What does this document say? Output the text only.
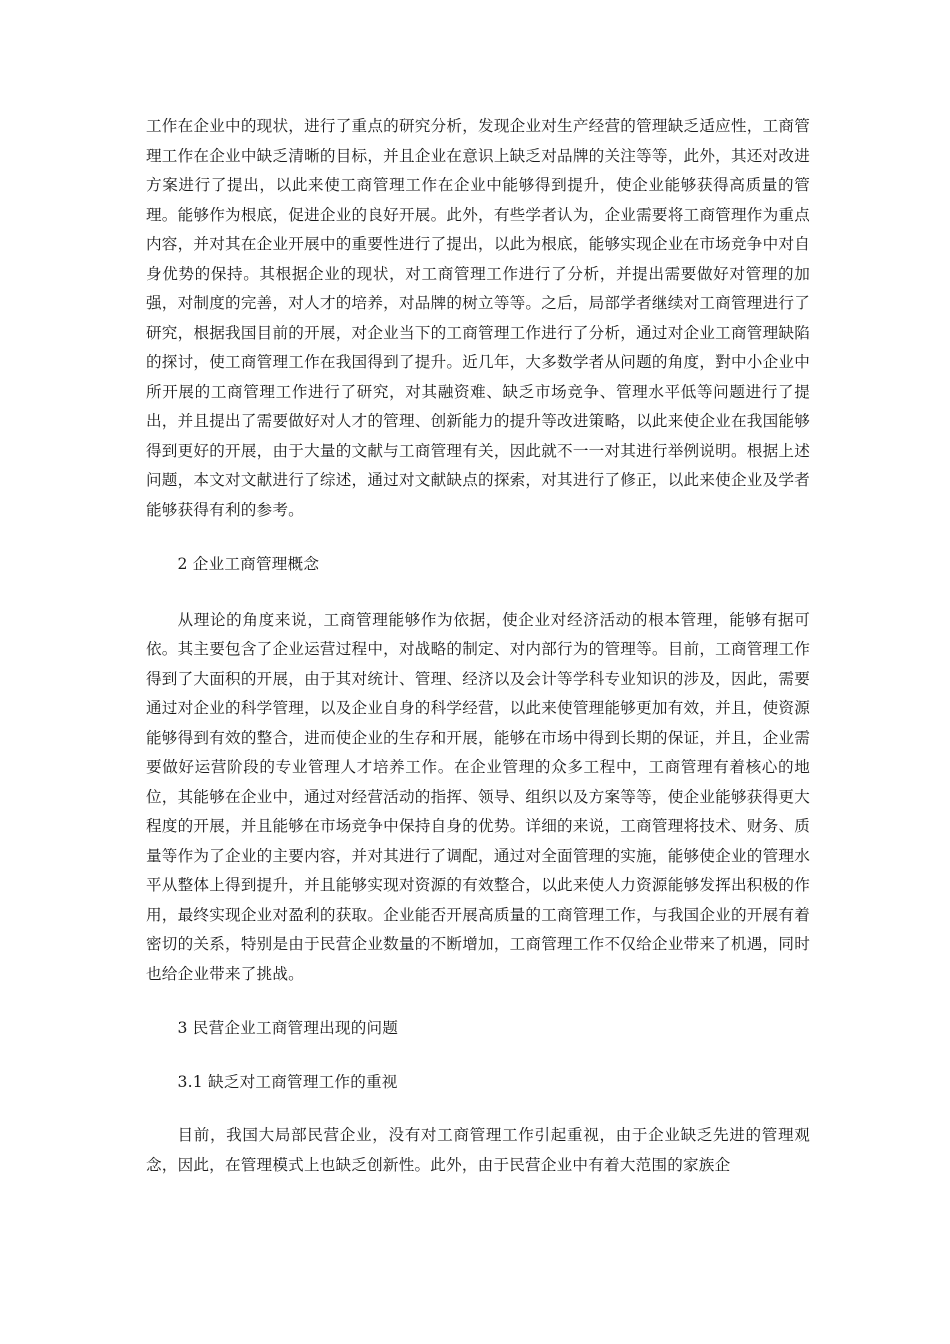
工作在企业中的现状，进行了重点的研究分析，发现企业对生产经营的管理缺乏适应性，工商管理工作在企业中缺乏清晰的目标，并且企业在意识上缺乏对品牌的关注等等，此外，其还对改进方案进行了提出，以此来使工商管理工作在企业中能够得到提升，使企业能够获得高质量的管理。能够作为根底，促进企业的良好开展。此外，有些学者认为，企业需要将工商管理作为重点内容，并对其在企业开展中的重要性进行了提出，以此为根底，能够实现企业在市场竞争中对自身优势的保持。其根据企业的现状，对工商管理工作进行了分析，并提出需要做好对管理的加强，对制度的完善，对人才的培养，对品牌的树立等等。之后，局部学者继续对工商管理进行了研究，根据我国目前的开展，对企业当下的工商管理工作进行了分析，通过对企业工商管理缺陷的探讨，使工商管理工作在我国得到了提升。近几年，大多数学者从问题的角度，對中小企业中所开展的工商管理工作进行了研究，对其融资难、缺乏市场竞争、管理水平低等问题进行了提出，并且提出了需要做好对人才的管理、创新能力的提升等改进策略，以此来使企业在我国能够得到更好的开展，由于大量的文献与工商管理有关，因此就不一一对其进行举例说明。根据上述问题，本文对文献进行了综述，通过对文献缺点的探索，对其进行了修正，以此来使企业及学者能够获得有利的参考。

2 企业工商管理概念

从理论的角度来说，工商管理能够作为依据，使企业对经济活动的根本管理，能够有据可依。其主要包含了企业运营过程中，对战略的制定、对内部行为的管理等。目前，工商管理工作得到了大面积的开展，由于其对统计、管理、经济以及会计等学科专业知识的涉及，因此，需要通过对企业的科学管理，以及企业自身的科学经营，以此来使管理能够更加有效，并且，使资源能够得到有效的整合，进而使企业的生存和开展，能够在市场中得到长期的保证，并且，企业需要做好运营阶段的专业管理人才培养工作。在企业管理的众多工程中，工商管理有着核心的地位，其能够在企业中，通过对经营活动的指挥、领导、组织以及方案等等，使企业能够获得更大程度的开展，并且能够在市场竞争中保持自身的优势。详细的来说，工商管理将技术、财务、质量等作为了企业的主要内容，并对其进行了调配，通过对全面管理的实施，能够使企业的管理水平从整体上得到提升，并且能够实现对资源的有效整合，以此来使人力资源能够发挥出积极的作用，最终实现企业对盈利的获取。企业能否开展高质量的工商管理工作，与我国企业的开展有着密切的关系，特别是由于民营企业数量的不断增加，工商管理工作不仅给企业带来了机遇，同时也给企业带来了挑战。

3 民营企业工商管理出现的问题

3.1 缺乏对工商管理工作的重视

目前，我国大局部民营企业，没有对工商管理工作引起重视，由于企业缺乏先进的管理观念，因此，在管理模式上也缺乏创新性。此外，由于民营企业中有着大范围的家族企
